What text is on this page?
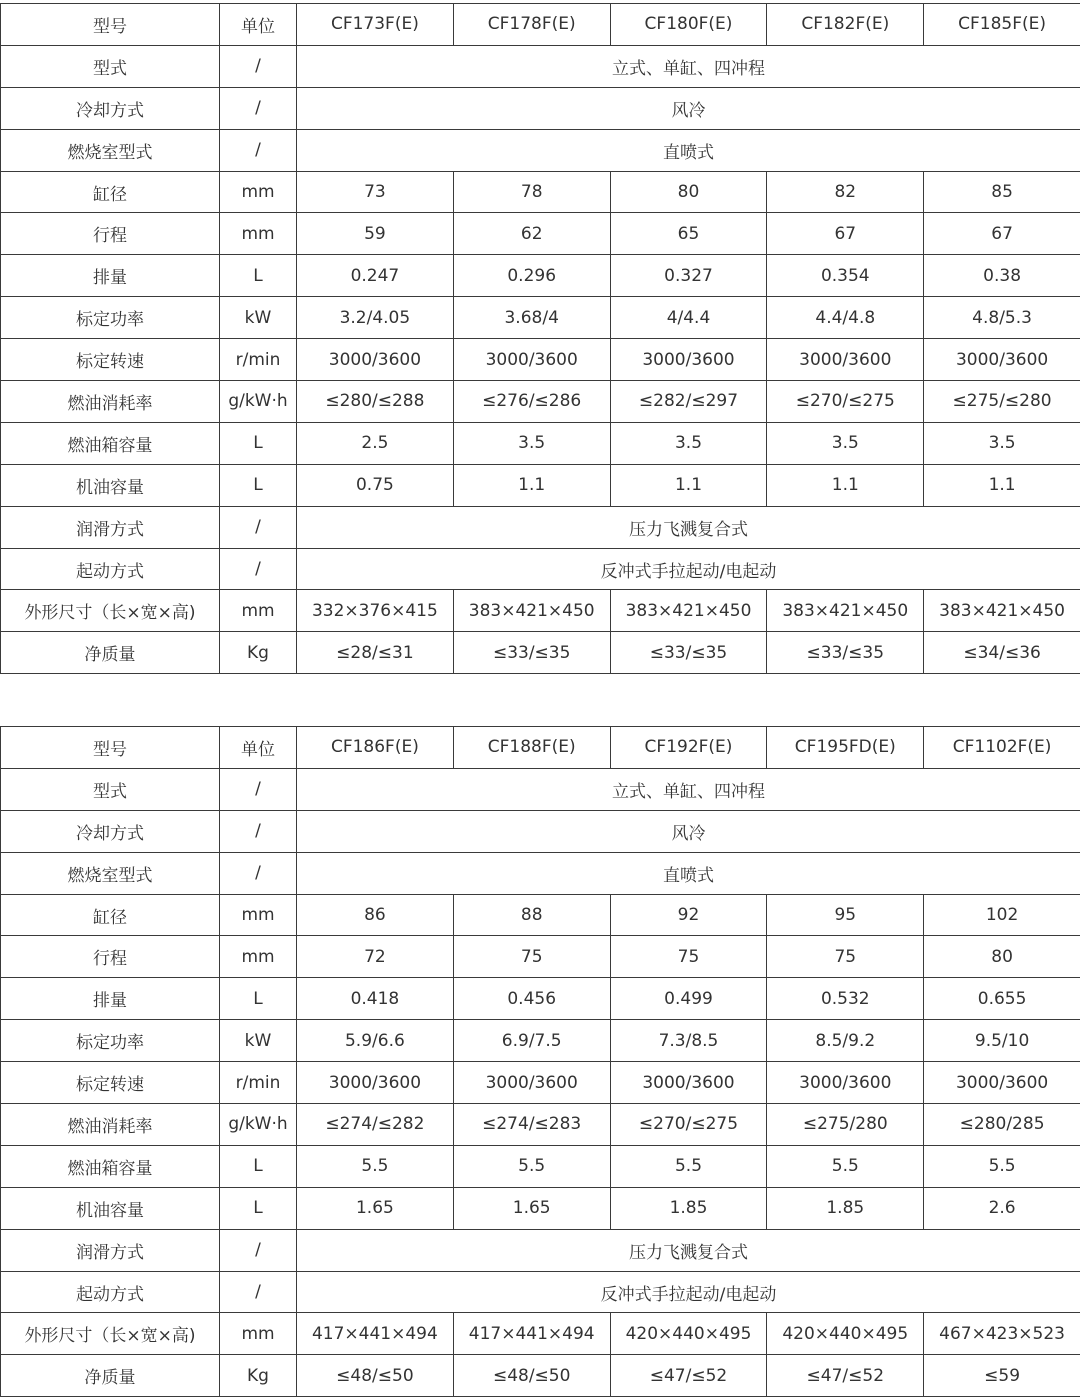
型号	单位	CF173F(E)	CF178F(E)	CF180F(E)	CF182F(E)	CF185F(E)
型式	/	立式、单缸、四冲程				
冷却方式	/	风冷				
燃烧室型式	/	直喷式				
缸径	mm	73	78	80	82	85
行程	mm	59	62	65	67	67
排量	L	0.247	0.296	0.327	0.354	0.38
标定功率	kW	3.2/4.05	3.68/4	4/4.4	4.4/4.8	4.8/5.3
标定转速	r/min	3000/3600	3000/3600	3000/3600	3000/3600	3000/3600
燃油消耗率	g/kW·h	≤280/≤288	≤276/≤286	≤282/≤297	≤270/≤275	≤275/≤280
燃油箱容量	L	2.5	3.5	3.5	3.5	3.5
机油容量	L	0.75	1.1	1.1	1.1	1.1
润滑方式	/	压力飞溅复合式				
起动方式	/	反冲式手拉起动/电起动				
外形尺寸（长×宽×高)	mm	332×376×415	383×421×450	383×421×450	383×421×450	383×421×450
净质量	Kg	≤28/≤31	≤33/≤35	≤33/≤35	≤33/≤35	≤34/≤36
型号	单位	CF186F(E)	CF188F(E)	CF192F(E)	CF195FD(E)	CF1102F(E)
型式	/	立式、单缸、四冲程				
冷却方式	/	风冷				
燃烧室型式	/	直喷式				
缸径	mm	86	88	92	95	102
行程	mm	72	75	75	75	80
排量	L	0.418	0.456	0.499	0.532	0.655
标定功率	kW	5.9/6.6	6.9/7.5	7.3/8.5	8.5/9.2	9.5/10
标定转速	r/min	3000/3600	3000/3600	3000/3600	3000/3600	3000/3600
燃油消耗率	g/kW·h	≤274/≤282	≤274/≤283	≤270/≤275	≤275/280	≤280/285
燃油箱容量	L	5.5	5.5	5.5	5.5	5.5
机油容量	L	1.65	1.65	1.85	1.85	2.6
润滑方式	/	压力飞溅复合式				
起动方式	/	反冲式手拉起动/电起动				
外形尺寸（长×宽×高)	mm	417×441×494	417×441×494	420×440×495	420×440×495	467×423×523
净质量	Kg	≤48/≤50	≤48/≤50	≤47/≤52	≤47/≤52	≤59
